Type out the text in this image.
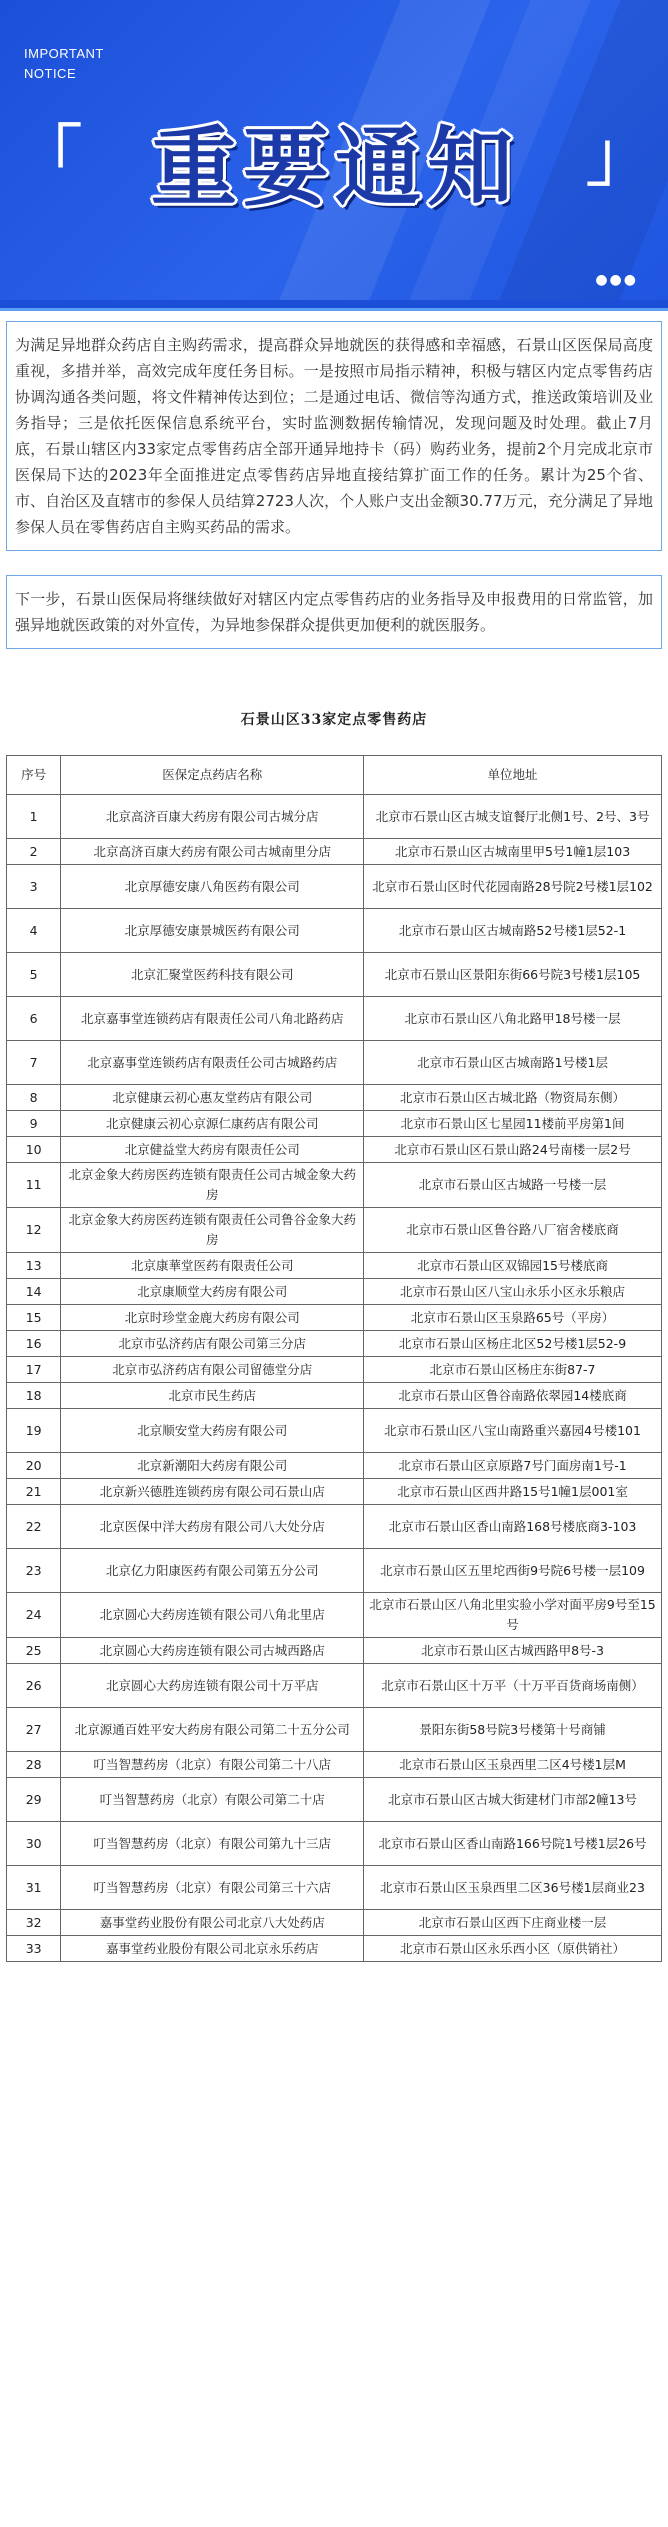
IMPORTANT
NOTICE
「 重要通知	」
●●●
为满足异地群众药店自主购药需求，提高群众异地就医的获得感和幸福感，石景山区医保局高度重视，多措并举，高效完成年度任务目标。一是按照市局指示精神，积极与辖区内定点零售药店协调沟通各类问题，将文件精神传达到位；二是通过电话、微信等沟通方式，推送政策培训及业务指导；三是依托医保信息系统平台，实时监测数据传输情况，发现问题及时处理。截止7月底，石景山辖区内33家定点零售药店全部开通异地持卡（码）购药业务，提前2个月完成北京市医保局下达的2023年全面推进定点零售药店异地直接结算扩面工作的任务。累计为25个省、市、自治区及直辖市的参保人员结算2723人次，个人账户支出金额30.77万元，充分满足了异地参保人员在零售药店自主购买药品的需求。
下一步，石景山医保局将继续做好对辖区内定点零售药店的业务指导及申报费用的日常监管，加强异地就医政策的对外宣传，为异地参保群众提供更加便利的就医服务。
石景山区33家定点零售药店
序号	医保定点药店名称	单位地址
1	北京高济百康大药房有限公司古城分店	北京市石景山区古城支谊餐厅北侧1号、2号、3号
2	北京高济百康大药房有限公司古城南里分店	北京市石景山区古城南里甲5号1幢1层103
3	北京厚德安康八角医药有限公司	北京市石景山区时代花园南路28号院2号楼1层102
4	北京厚德安康景城医药有限公司	北京市石景山区古城南路52号楼1层52-1
5	北京汇聚堂医药科技有限公司	北京市石景山区景阳东街66号院3号楼1层105
6	北京嘉事堂连锁药店有限责任公司八角北路药店	北京市石景山区八角北路甲18号楼一层
7	北京嘉事堂连锁药店有限责任公司古城路药店	北京市石景山区古城南路1号楼1层
8	北京健康云初心惠友堂药店有限公司	北京市石景山区古城北路（物资局东侧）
9	北京健康云初心京源仁康药店有限公司	北京市石景山区七星园11楼前平房第1间
10	北京健益堂大药房有限责任公司	北京市石景山区石景山路24号南楼一层2号
11	北京金象大药房医药连锁有限责任公司古城金象大药房	北京市石景山区古城路一号楼一层
12	北京金象大药房医药连锁有限责任公司鲁谷金象大药房	北京市石景山区鲁谷路八厂宿舍楼底商
13	北京康華堂医药有限责任公司	北京市石景山区双锦园15号楼底商
14	北京康顺堂大药房有限公司	北京市石景山区八宝山永乐小区永乐粮店
15	北京时珍堂金鹿大药房有限公司	北京市石景山区玉泉路65号（平房）
16	北京市弘济药店有限公司第三分店	北京市石景山区杨庄北区52号楼1层52-9
17	北京市弘济药店有限公司留德堂分店	北京市石景山区杨庄东街87-7
18	北京市民生药店	北京市石景山区鲁谷南路依翠园14楼底商
19	北京顺安堂大药房有限公司	北京市石景山区八宝山南路重兴嘉园4号楼101
20	北京新潮阳大药房有限公司	北京市石景山区京原路7号门面房南1号-1
21	北京新兴德胜连锁药房有限公司石景山店	北京市石景山区西井路15号1幢1层001室
22	北京医保中洋大药房有限公司八大处分店	北京市石景山区香山南路168号楼底商3-103
23	北京亿力阳康医药有限公司第五分公司	北京市石景山区五里坨西街9号院6号楼一层109
24	北京圆心大药房连锁有限公司八角北里店	北京市石景山区八角北里实验小学对面平房9号至15号
25	北京圆心大药房连锁有限公司古城西路店	北京市石景山区古城西路甲8号-3
26	北京圆心大药房连锁有限公司十万平店	北京市石景山区十万平（十万平百货商场南侧）
27	北京源通百姓平安大药房有限公司第二十五分公司	景阳东街58号院3号楼第十号商铺
28	叮当智慧药房（北京）有限公司第二十八店	北京市石景山区玉泉西里二区4号楼1层M
29	叮当智慧药房（北京）有限公司第二十店	北京市石景山区古城大街建材门市部2幢13号
30	叮当智慧药房（北京）有限公司第九十三店	北京市石景山区香山南路166号院1号楼1层26号
31	叮当智慧药房（北京）有限公司第三十六店	北京市石景山区玉泉西里二区36号楼1层商业23
32	嘉事堂药业股份有限公司北京八大处药店	北京市石景山区西下庄商业楼一层
33	嘉事堂药业股份有限公司北京永乐药店	北京市石景山区永乐西小区（原供销社）
